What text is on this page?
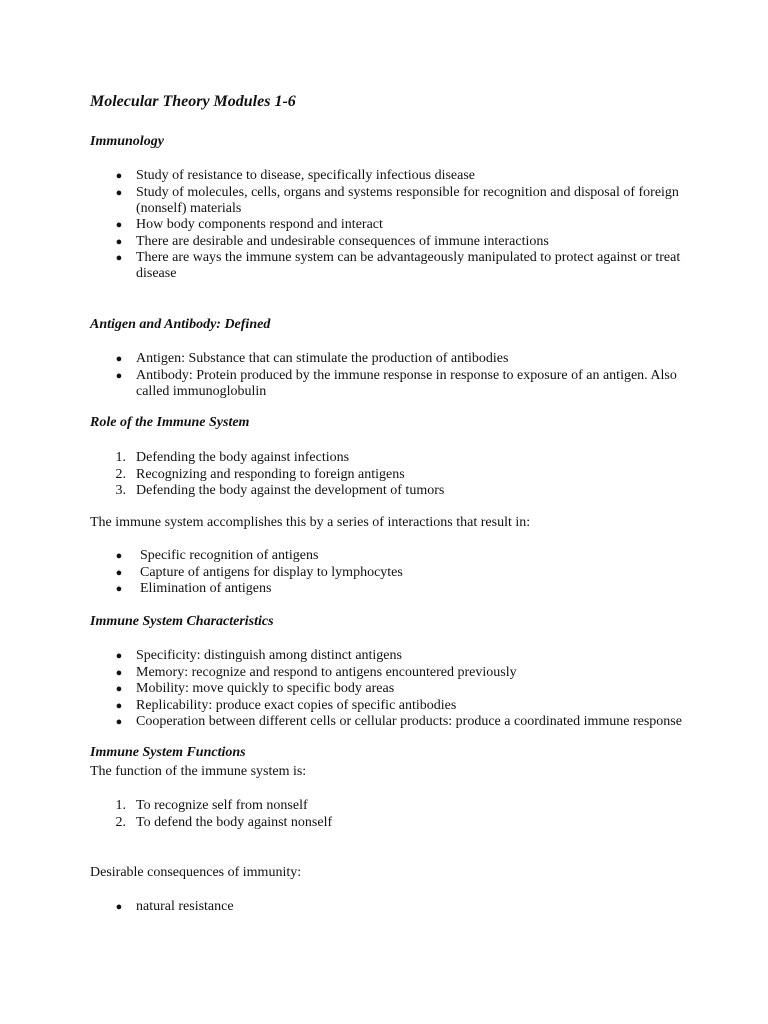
Molecular Theory Modules 1-6
Immunology
● Study of resistance to disease, specifically infectious disease
● Study of molecules, cells, organs and systems responsible for recognition and disposal of foreign (nonself) materials
● How body components respond and interact
● There are desirable and undesirable consequences of immune interactions
● There are ways the immune system can be advantageously manipulated to protect against or treat disease
Antigen and Antibody: Defined
● Antigen: Substance that can stimulate the production of antibodies
● Antibody: Protein produced by the immune response in response to exposure of an antigen. Also called immunoglobulin
Role of the Immune System
1. Defending the body against infections
2. Recognizing and responding to foreign antigens
3. Defending the body against the development of tumors

The immune system accomplishes this by a series of interactions that result in:

● Specific recognition of antigens
● Capture of antigens for display to lymphocytes
● Elimination of antigens
Immune System Characteristics
● Specificity: distinguish among distinct antigens
● Memory: recognize and respond to antigens encountered previously
● Mobility: move quickly to specific body areas
● Replicability: produce exact copies of specific antibodies
● Cooperation between different cells or cellular products: produce a coordinated immune response
Immune System Functions

The function of the immune system is:

1. To recognize self from nonself
2. To defend the body against nonself

Desirable consequences of immunity:

● natural resistance
